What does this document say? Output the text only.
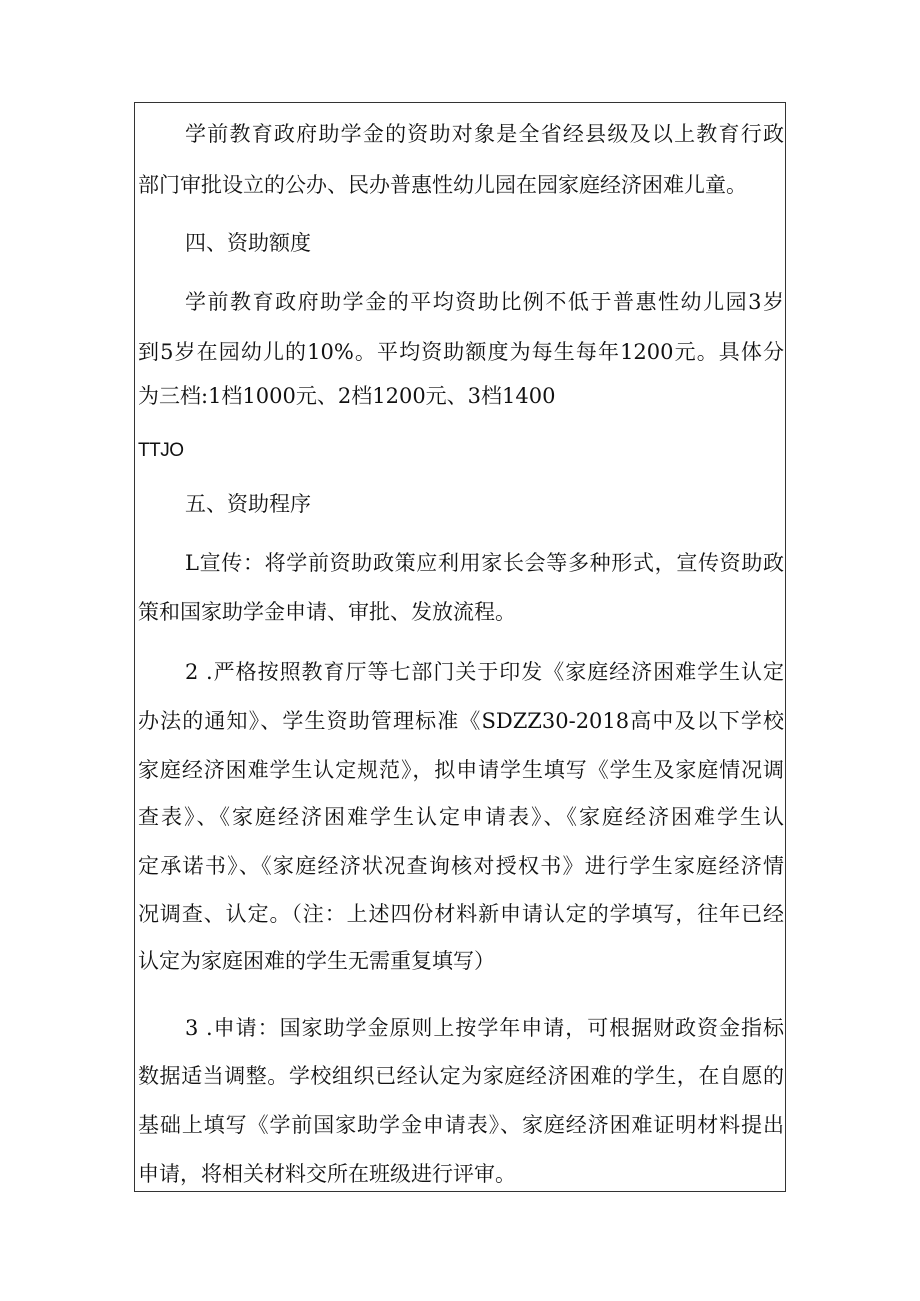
学前教育政府助学金的资助对象是全省经县级及以上教育行政

部门审批设立的公办、民办普惠性幼儿园在园家庭经济困难儿童。

四、资助额度

学前教育政府助学金的平均资助比例不低于普惠性幼儿园3岁

到5岁在园幼儿的10%。平均资助额度为每生每年1200元。具体分

为三档:1档1000元、2档1200元、3档1400

TTJO

五、资助程序

L宣传：将学前资助政策应利用家长会等多种形式，宣传资助政

策和国家助学金申请、审批、发放流程。

2 .严格按照教育厅等七部门关于印发《家庭经济困难学生认定

办法的通知》、学生资助管理标准《SDZZ30-2018高中及以下学校

家庭经济困难学生认定规范》，拟申请学生填写《学生及家庭情况调

查表》、《家庭经济困难学生认定申请表》、《家庭经济困难学生认

定承诺书》、《家庭经济状况查询核对授权书》进行学生家庭经济情

况调查、认定。（注：上述四份材料新申请认定的学填写，往年已经

认定为家庭困难的学生无需重复填写）

3 .申请：国家助学金原则上按学年申请，可根据财政资金指标

数据适当调整。学校组织已经认定为家庭经济困难的学生，在自愿的

基础上填写《学前国家助学金申请表》、家庭经济困难证明材料提出

申请，将相关材料交所在班级进行评审。
